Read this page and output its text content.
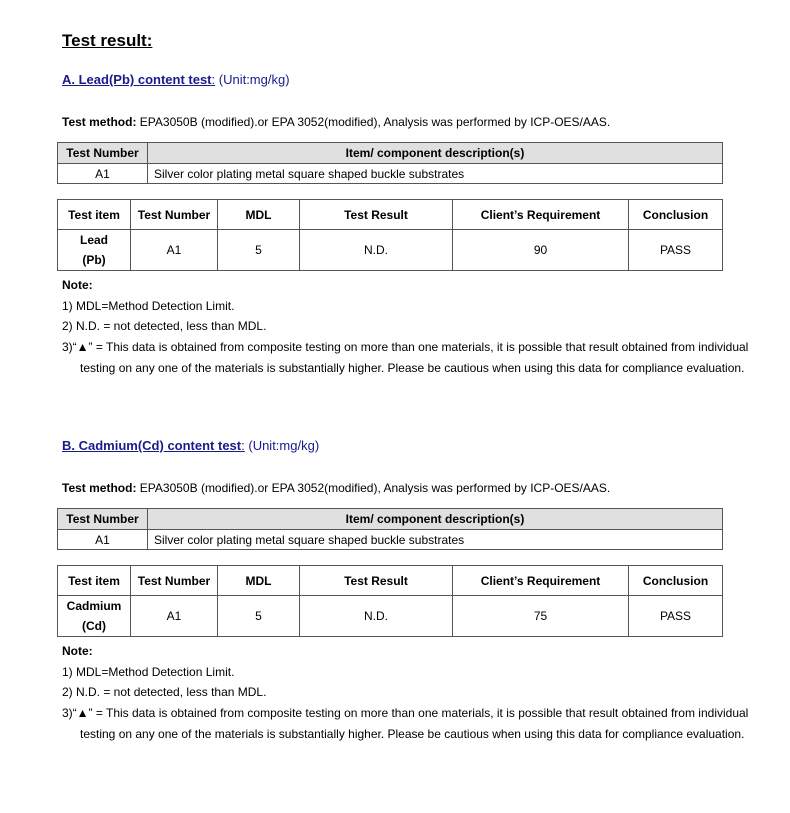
Test result:
A. Lead(Pb) content test: (Unit:mg/kg)
Test method: EPA3050B (modified).or EPA 3052(modified), Analysis was performed by ICP-OES/AAS.
Test Number	Item/ component description(s)
A1	Silver color plating metal square shaped buckle substrates
Test item	Test Number	MDL	Test Result	Client’s Requirement	Conclusion

Lead
(Pb)	A1	5	N.D.	90	PASS
Note:
1) MDL=Method Detection Limit.
2) N.D. = not detected, less than MDL.
3)“▲” = This data is obtained from composite testing on more than one materials, it is possible that result obtained from individual
testing on any one of the materials is substantially higher. Please be cautious when using this data for compliance evaluation.
B. Cadmium(Cd) content test: (Unit:mg/kg)
Test method: EPA3050B (modified).or EPA 3052(modified), Analysis was performed by ICP-OES/AAS.
Test Number	Item/ component description(s)
A1	Silver color plating metal square shaped buckle substrates
Test item	Test Number	MDL	Test Result	Client’s Requirement	Conclusion

Cadmium
(Cd)	A1	5	N.D.	75	PASS
Note:
1) MDL=Method Detection Limit.
2) N.D. = not detected, less than MDL.
3)“▲” = This data is obtained from composite testing on more than one materials, it is possible that result obtained from individual
testing on any one of the materials is substantially higher. Please be cautious when using this data for compliance evaluation.
